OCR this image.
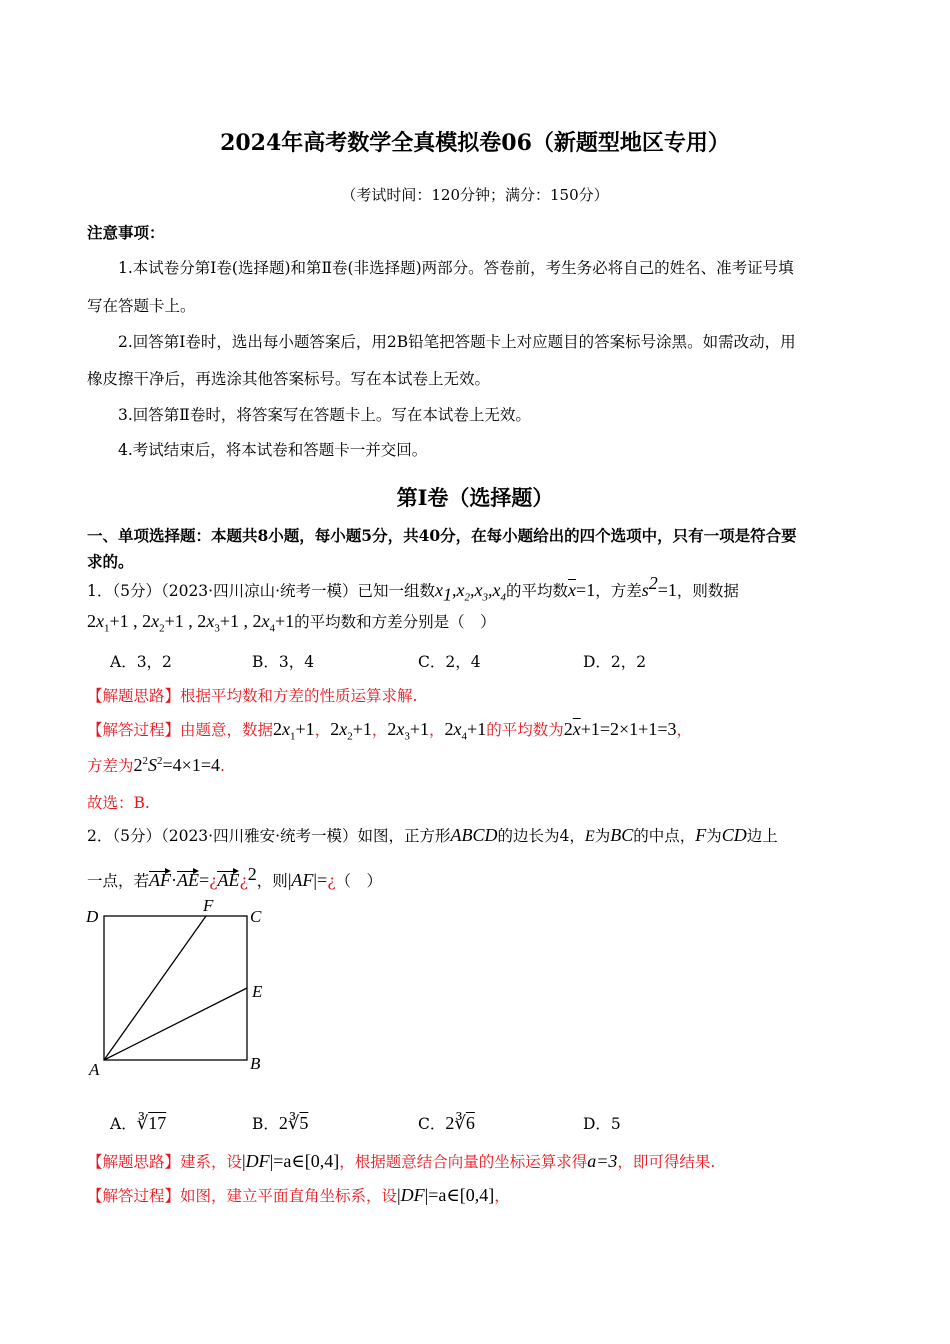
2024年高考数学全真模拟卷06（新题型地区专用）
（考试时间：120分钟；满分：150分）
注意事项：
1.本试卷分第Ⅰ卷(选择题)和第Ⅱ卷(非选择题)两部分。答卷前，考生务必将自己的姓名、准考证号填
写在答题卡上。
2.回答第Ⅰ卷时，选出每小题答案后，用2B铅笔把答题卡上对应题目的答案标号涂黑。如需改动，用
橡皮擦干净后，再选涂其他答案标号。写在本试卷上无效。
3.回答第Ⅱ卷时，将答案写在答题卡上。写在本试卷上无效。
4.考试结束后，将本试卷和答题卡一并交回。
第Ⅰ卷（选择题）
一、单项选择题：本题共8小题，每小题5分，共40分，在每小题给出的四个选项中，只有一项是符合要
求的。
1．（5分）（2023·四川凉山·统考一模）已知一组数$x_1,x_2,x_3,x_4$的平均数$\overline{x}=1$，方差$s^2=1$，则数据
$2x_1+1$ , $2x_2+1$ , $2x_3+1$ , $2x_4+1$的平均数和方差分别是（　）
A．3，2	B．3，4	C．2，4	D．2，2
【解题思路】根据平均数和方差的性质运算求解.
【解答过程】由题意，数据$2x_1+1$，$2x_2+1$，$2x_3+1$，$2x_4+1$的平均数为$2\overline{x}+1=2\times 1+1=3$，
方差为$2^2S^2=4\times 1=4$.
故选：B.
2．（5分）（2023·四川雅安·统考一模）如图，正方形ABCD的边长为4，E为BC的中点，F为CD边上
一点，若AF·AE=¿AE¿$^2$，则|AF|=¿（　）
D
F
C
E
A	B
A．∛17	B．2∛5	C．2∛6	D．5
【解题思路】建系，设|DF|=a∈[0,4]，根据题意结合向量的坐标运算求得a=3，即可得结果.
【解答过程】如图，建立平面直角坐标系，设|DF|=a∈[0,4]，
